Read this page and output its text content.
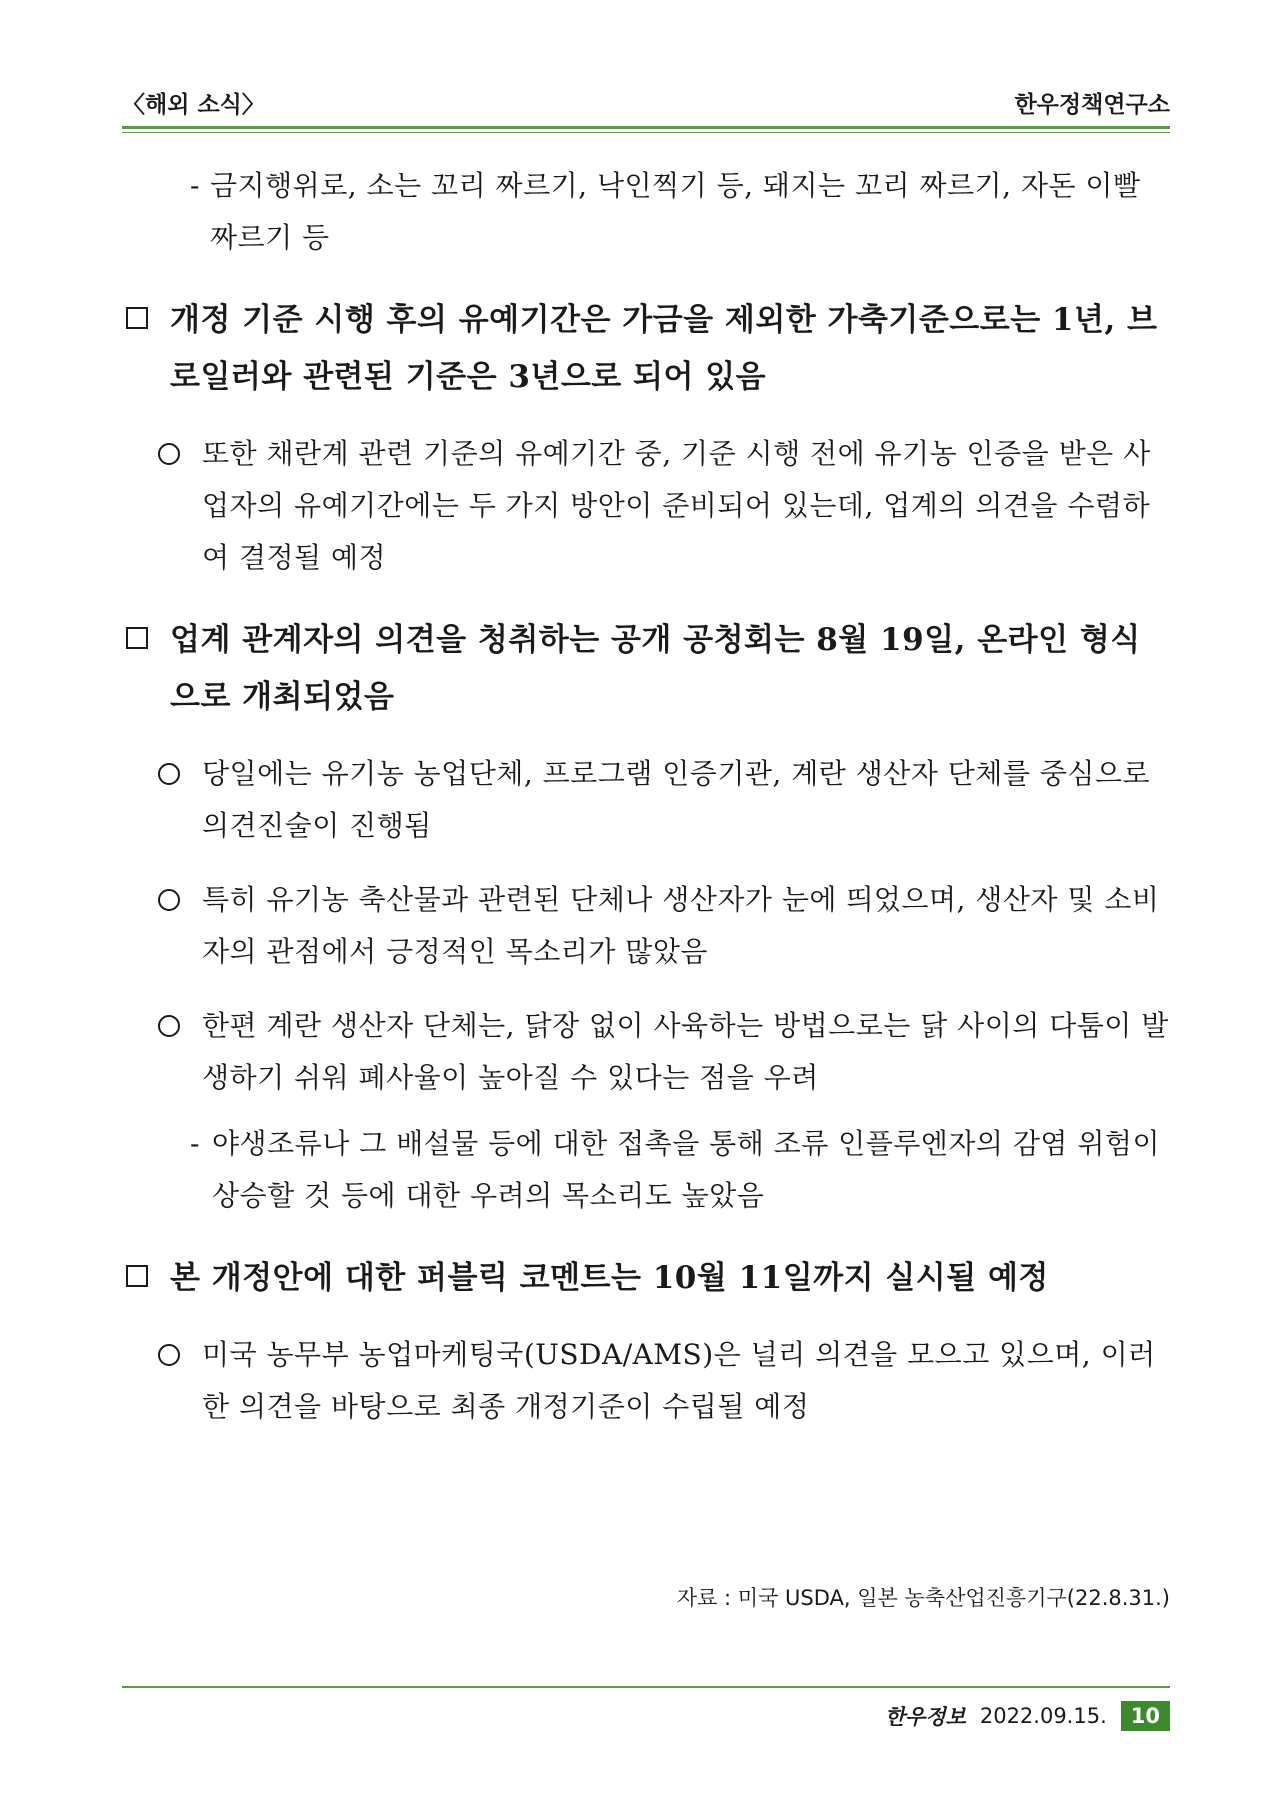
〈해외 소식〉	한우정책연구소
- 금지행위로, 소는 꼬리 짜르기, 낙인찍기 등, 돼지는 꼬리 짜르기, 자돈 이빨 짜르기 등
개정 기준 시행 후의 유예기간은 가금을 제외한 가축기준으로는 1년, 브로일러와 관련된 기준은 3년으로 되어 있음
또한 채란계 관련 기준의 유예기간 중, 기준 시행 전에 유기농 인증을 받은 사업자의 유예기간에는 두 가지 방안이 준비되어 있는데, 업계의 의견을 수렴하여 결정될 예정
업계 관계자의 의견을 청취하는 공개 공청회는 8월 19일, 온라인 형식으로 개최되었음
당일에는 유기농 농업단체, 프로그램 인증기관, 계란 생산자 단체를 중심으로 의견진술이 진행됨
특히 유기농 축산물과 관련된 단체나 생산자가 눈에 띄었으며, 생산자 및 소비자의 관점에서 긍정적인 목소리가 많았음
한편 계란 생산자 단체는, 닭장 없이 사육하는 방법으로는 닭 사이의 다툼이 발생하기 쉬워 폐사율이 높아질 수 있다는 점을 우려
- 야생조류나 그 배설물 등에 대한 접촉을 통해 조류 인플루엔자의 감염 위험이 상승할 것 등에 대한 우려의 목소리도 높았음
본 개정안에 대한 퍼블릭 코멘트는 10월 11일까지 실시될 예정
미국 농무부 농업마케팅국(USDA/AMS)은 널리 의견을 모으고 있으며, 이러한 의견을 바탕으로 최종 개정기준이 수립될 예정
자료 : 미국 USDA, 일본 농축산업진흥기구(22.8.31.)
한우정보 2022.09.15.	10
